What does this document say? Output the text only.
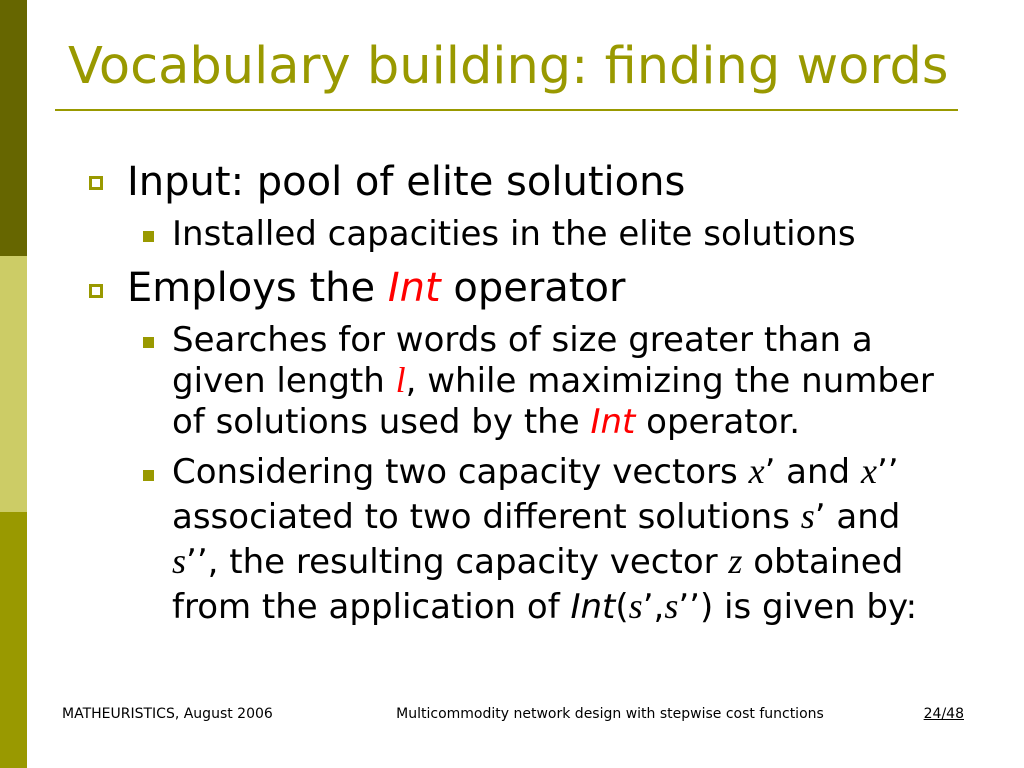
Vocabulary building: finding words
Input: pool of elite solutions
Installed capacities in the elite solutions
Employs the Int operator
Searches for words of size greater than a
given length l, while maximizing the number
of solutions used by the Int operator.
Considering two capacity vectors x’ and x’’
associated to two different solutions s’ and
s’’, the resulting capacity vector z obtained
from the application of Int(s’,s’’) is given by:
MATHEURISTICS, August 2006	Multicommodity network design with stepwise cost functions	24/48
